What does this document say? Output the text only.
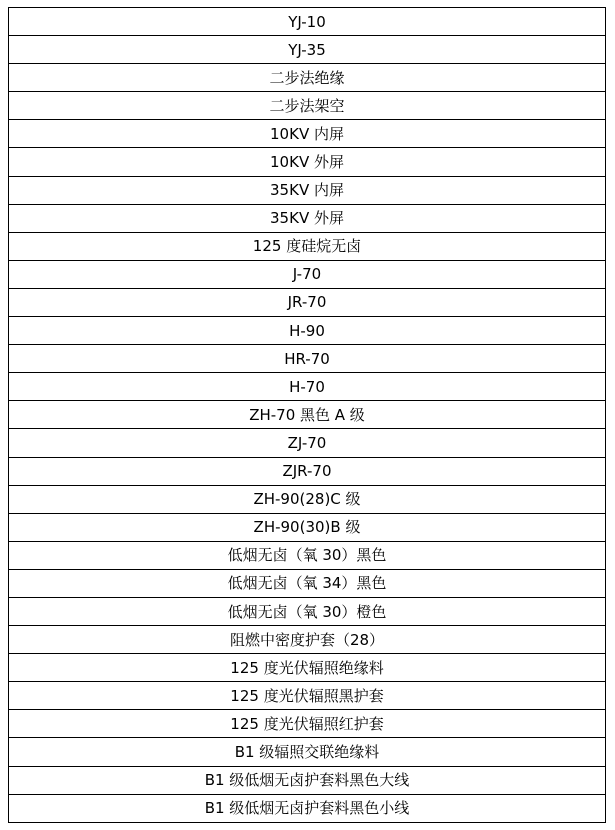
YJ-10
YJ-35
二步法绝缘
二步法架空
10KV 内屏
10KV 外屏
35KV 内屏
35KV 外屏
125 度硅烷无卤
J-70
JR-70
H-90
HR-70
H-70
ZH-70 黑色 A 级
ZJ-70
ZJR-70
ZH-90(28)C 级
ZH-90(30)B 级
低烟无卤（氧 30）黑色
低烟无卤（氧 34）黑色
低烟无卤（氧 30）橙色
阻燃中密度护套（28）
125 度光伏辐照绝缘料
125 度光伏辐照黑护套
125 度光伏辐照红护套
B1 级辐照交联绝缘料
B1 级低烟无卤护套料黑色大线
B1 级低烟无卤护套料黑色小线
